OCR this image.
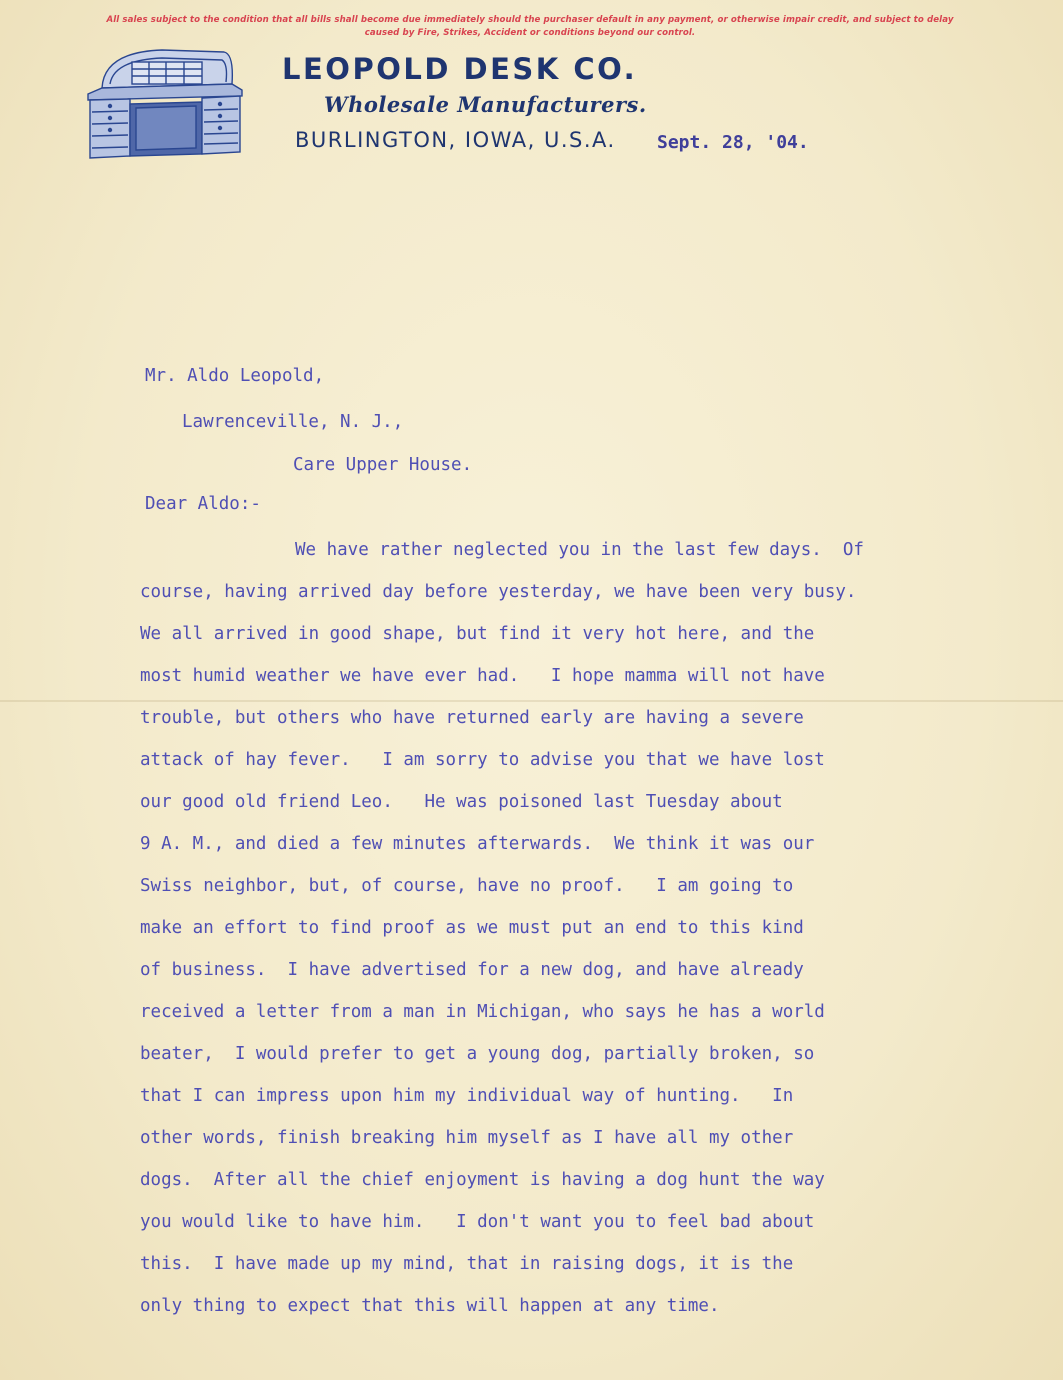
All sales subject to the condition that all bills shall become due immediately should the purchaser default in any payment, or otherwise impair credit, and subject to delay
caused by Fire, Strikes, Accident or conditions beyond our control.
LEOPOLD DESK CO.
Wholesale Manufacturers.
BURLINGTON, IOWA, U.S.A. Sept. 28, '04.
Mr. Aldo Leopold,
Lawrenceville, N. J.,
Care Upper House.
Dear Aldo:-
We have rather neglected you in the last few days.  Of
course, having arrived day before yesterday, we have been very busy.
We all arrived in good shape, but find it very hot here, and the
most humid weather we have ever had.   I hope mamma will not have
trouble, but others who have returned early are having a severe
attack of hay fever.   I am sorry to advise you that we have lost
our good old friend Leo.   He was poisoned last Tuesday about
9 A. M., and died a few minutes afterwards.  We think it was our
Swiss neighbor, but, of course, have no proof.   I am going to
make an effort to find proof as we must put an end to this kind
of business.  I have advertised for a new dog, and have already
received a letter from a man in Michigan, who says he has a world
beater,  I would prefer to get a young dog, partially broken, so
that I can impress upon him my individual way of hunting.   In
other words, finish breaking him myself as I have all my other
dogs.  After all the chief enjoyment is having a dog hunt the way
you would like to have him.   I don't want you to feel bad about
this.  I have made up my mind, that in raising dogs, it is the
only thing to expect that this will happen at any time.
